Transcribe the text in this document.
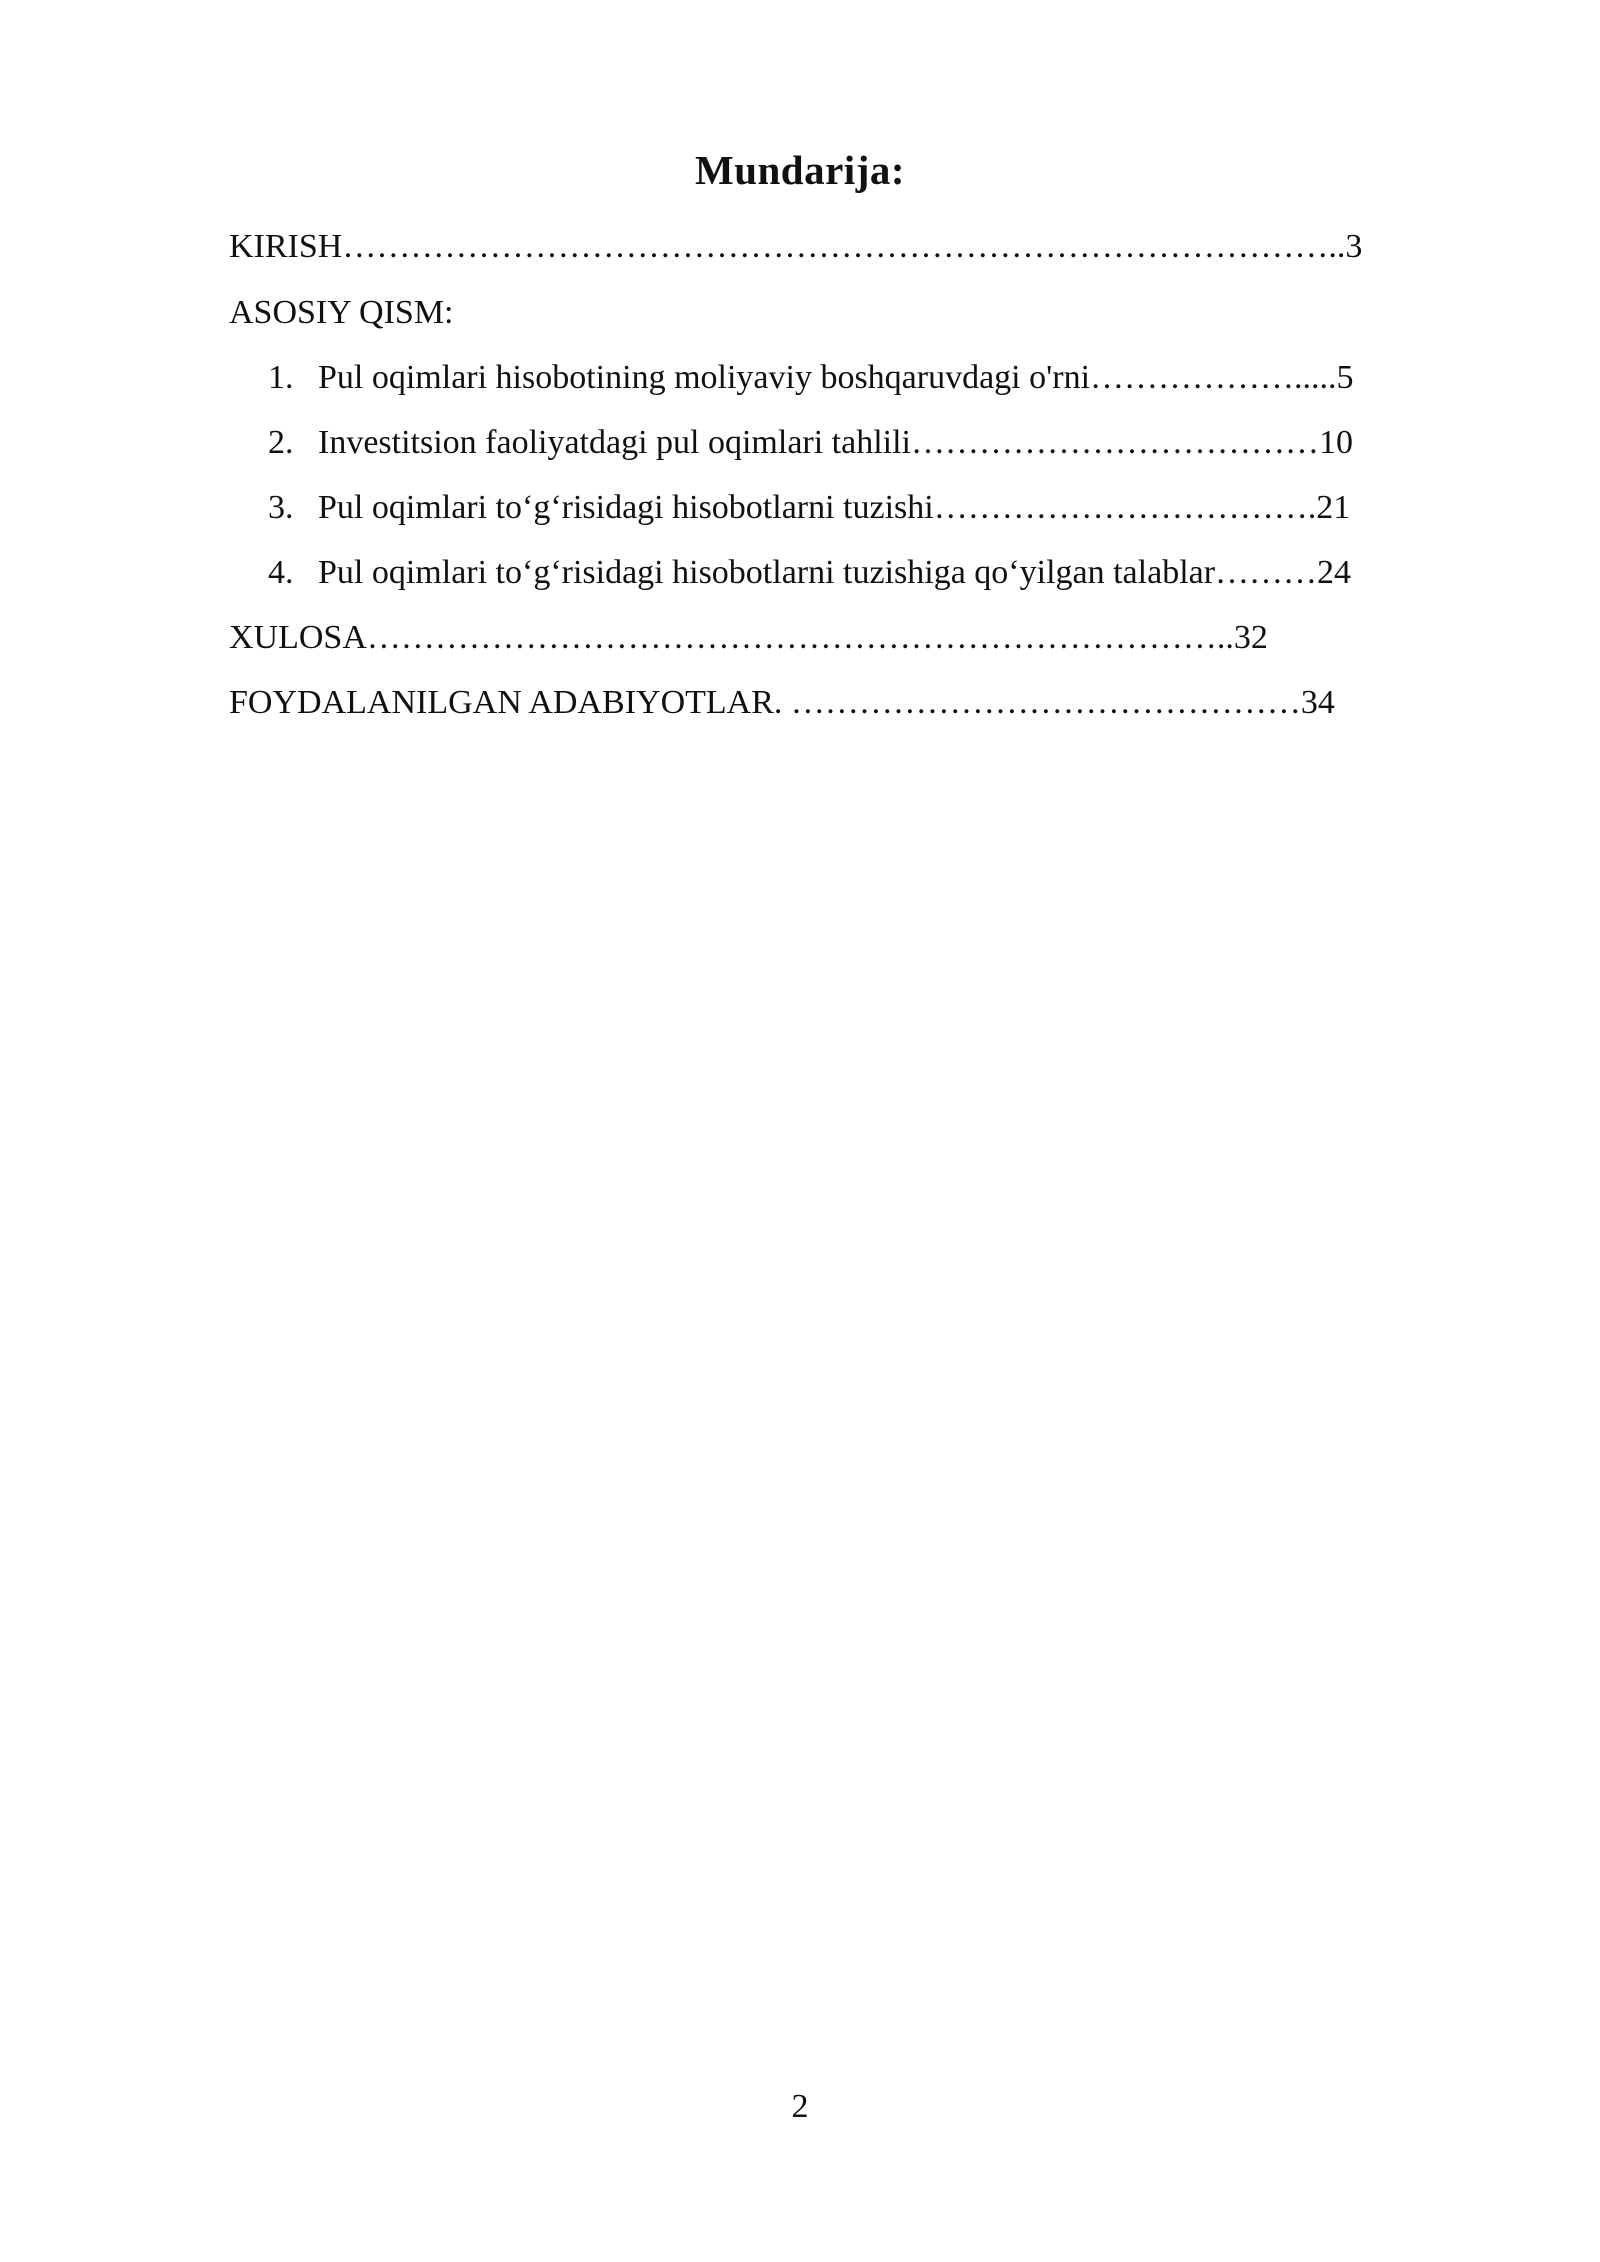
Mundarija:
KIRISH……………………………………………………………………………..3
ASOSIY QISM:
1. Pul oqimlari hisobotining moliyaviy boshqaruvdagi o'rni……………….....5
2. Investitsion faoliyatdagi pul oqimlari tahlili………………………………10
3. Pul oqimlari to‘g‘risidagi hisobotlarni tuzishi…………………………….21
4. Pul oqimlari to‘g‘risidagi hisobotlarni tuzishiga qo‘yilgan talablar………24
XULOSA…………………………………………………………………..32
FOYDALANILGAN ADABIYOTLAR. ………………………………………34
2
